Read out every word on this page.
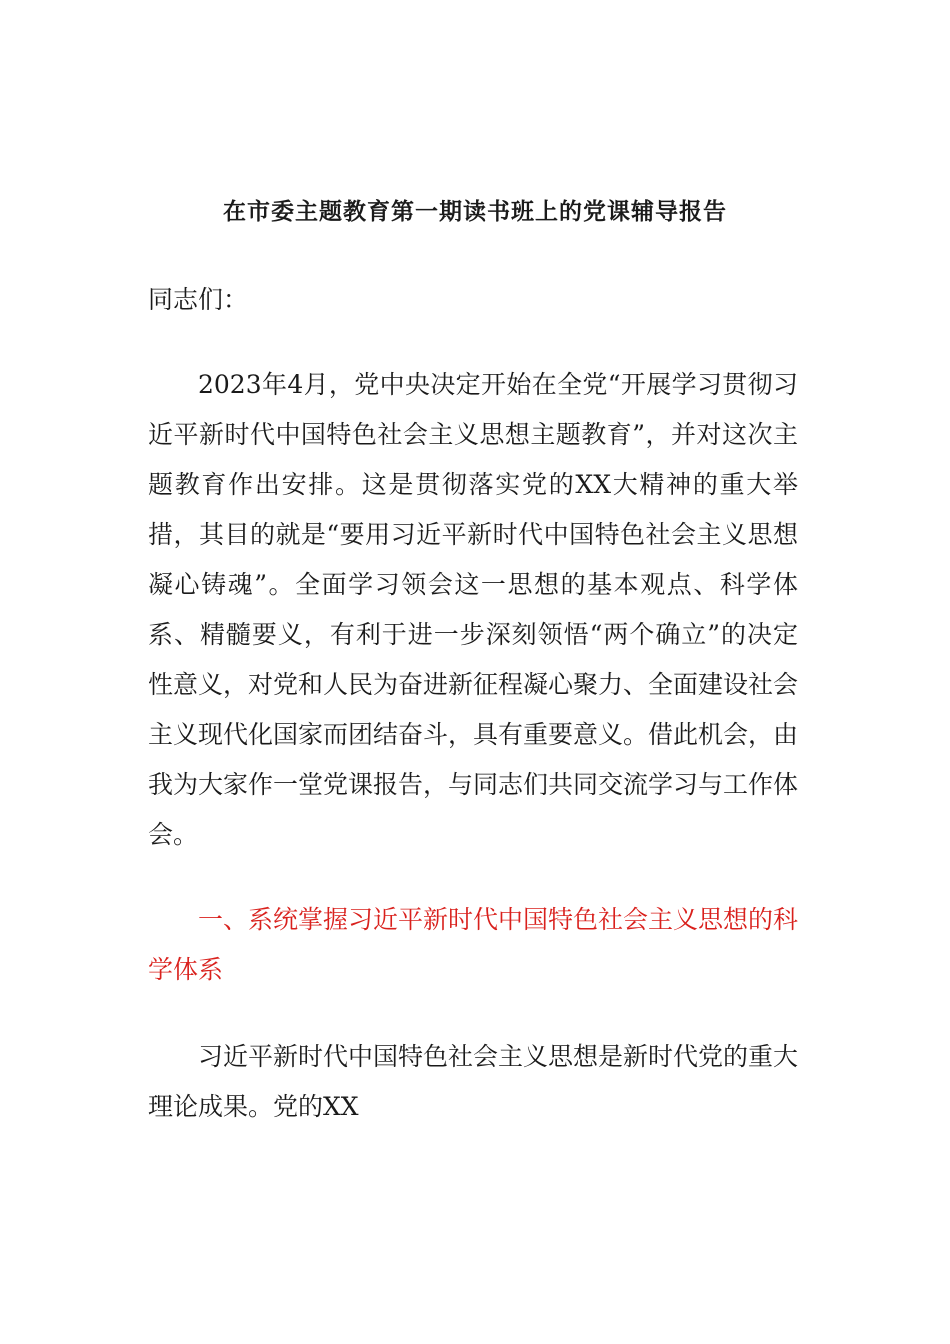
在市委主题教育第一期读书班上的党课辅导报告

同志们：

2023年4月，党中央决定开始在全党“开展学习贯彻习近平新时代中国特色社会主义思想主题教育”，并对这次主题教育作出安排。这是贯彻落实党的XX大精神的重大举措，其目的就是“要用习近平新时代中国特色社会主义思想凝心铸魂”。全面学习领会这一思想的基本观点、科学体系、精髓要义，有利于进一步深刻领悟“两个确立”的决定性意义，对党和人民为奋进新征程凝心聚力、全面建设社会主义现代化国家而团结奋斗，具有重要意义。借此机会，由我为大家作一堂党课报告，与同志们共同交流学习与工作体会。

一、系统掌握习近平新时代中国特色社会主义思想的科学体系

习近平新时代中国特色社会主义思想是新时代党的重大理论成果。党的XX
